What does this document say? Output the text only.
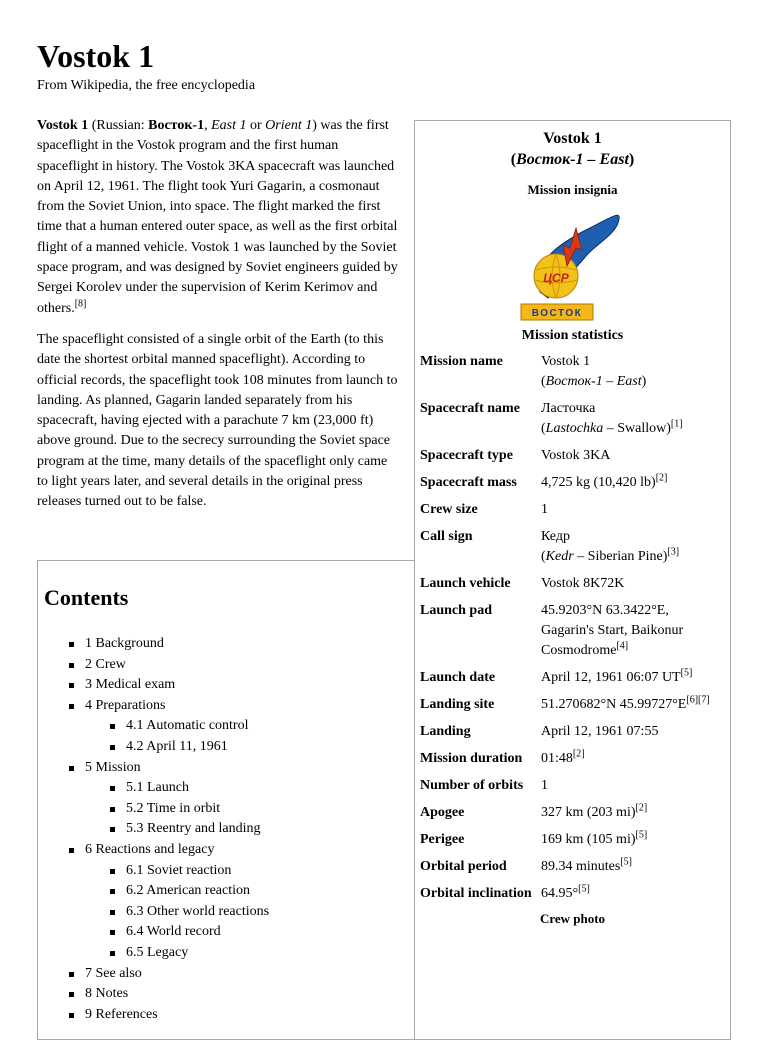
Vostok 1
From Wikipedia, the free encyclopedia

Vostok 1 (Russian: Восток-1, East 1 or Orient 1) was the first spaceflight in the Vostok program and the first human spaceflight in history. The Vostok 3KA spacecraft was launched on April 12, 1961. The flight took Yuri Gagarin, a cosmonaut from the Soviet Union, into space. The flight marked the first time that a human entered outer space, as well as the first orbital flight of a manned vehicle. Vostok 1 was launched by the Soviet space program, and was designed by Soviet engineers guided by Sergei Korolev under the supervision of Kerim Kerimov and others.[8]

The spaceflight consisted of a single orbit of the Earth (to this date the shortest orbital manned spaceflight). According to official records, the spaceflight took 108 minutes from launch to landing. As planned, Gagarin landed separately from his spacecraft, having ejected with a parachute 7 km (23,000 ft) above ground. Due to the secrecy surrounding the Soviet space program at the time, many details of the spaceflight only came to light years later, and several details in the original press releases turned out to be false.

Vostok 1
(Восток-1 – East)
Mission insignia
ЦСР
ВОСТОК
Mission statistics
Mission name	Vostok 1
(Восток-1 – East)
Spacecraft name	Ласточка
(Lastochka – Swallow)[1]
Spacecraft type	Vostok 3KA
Spacecraft mass	4,725 kg (10,420 lb)[2]
Crew size	1
Call sign	Кедр
(Kedr – Siberian Pine)[3]
Launch vehicle	Vostok 8K72K
Launch pad	45.9203°N 63.3422°E,
Gagarin's Start, Baikonur
Cosmodrome[4]
Launch date	April 12, 1961 06:07 UT[5]
Landing site	51.270682°N 45.99727°E[6][7]
Landing	April 12, 1961 07:55
Mission duration	01:48[2]
Number of orbits	1
Apogee	327 km (203 mi)[2]
Perigee	169 km (105 mi)[5]
Orbital period	89.34 minutes[5]
Orbital inclination 64.95°[5]
Crew photo
Contents
1 Background
2 Crew
3 Medical exam
4 Preparations
4.1 Automatic control
4.2 April 11, 1961
5 Mission
5.1 Launch
5.2 Time in orbit
5.3 Reentry and landing
6 Reactions and legacy
6.1 Soviet reaction
6.2 American reaction
6.3 Other world reactions
6.4 World record
6.5 Legacy
7 See also
8 Notes
9 References
